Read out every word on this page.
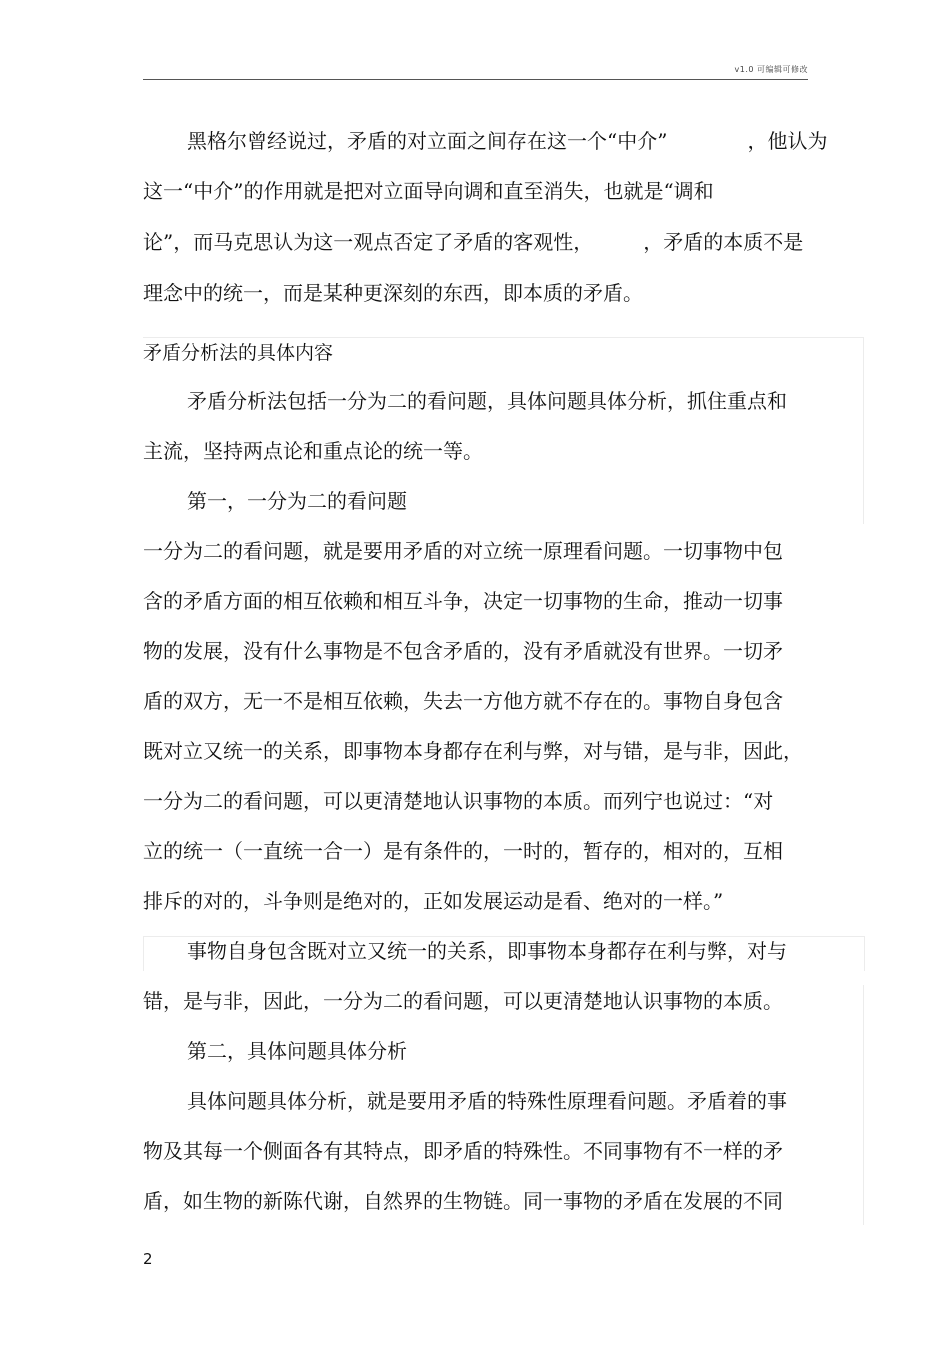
v1.0 可编辑可修改
黑格尔曾经说过，矛盾的对立面之间存在这一个“中介”　　　　，他认为
这一“中介”的作用就是把对立面导向调和直至消失，也就是“调和
论”，而马克思认为这一观点否定了矛盾的客观性，　　　，矛盾的本质不是
理念中的统一，而是某种更深刻的东西，即本质的矛盾。
矛盾分析法的具体内容
矛盾分析法包括一分为二的看问题，具体问题具体分析，抓住重点和
主流，坚持两点论和重点论的统一等。
第一，一分为二的看问题
一分为二的看问题，就是要用矛盾的对立统一原理看问题。一切事物中包
含的矛盾方面的相互依赖和相互斗争，决定一切事物的生命，推动一切事
物的发展，没有什么事物是不包含矛盾的，没有矛盾就没有世界。一切矛
盾的双方，无一不是相互依赖，失去一方他方就不存在的。事物自身包含
既对立又统一的关系，即事物本身都存在利与弊，对与错，是与非，因此，
一分为二的看问题，可以更清楚地认识事物的本质。而列宁也说过：“对
立的统一（一直统一合一）是有条件的，一时的，暂存的，相对的，互相
排斥的对的，斗争则是绝对的，正如发展运动是看、绝对的一样。”
事物自身包含既对立又统一的关系，即事物本身都存在利与弊，对与
错，是与非，因此，一分为二的看问题，可以更清楚地认识事物的本质。
第二，具体问题具体分析
具体问题具体分析，就是要用矛盾的特殊性原理看问题。矛盾着的事
物及其每一个侧面各有其特点，即矛盾的特殊性。不同事物有不一样的矛
盾，如生物的新陈代谢，自然界的生物链。同一事物的矛盾在发展的不同
2
